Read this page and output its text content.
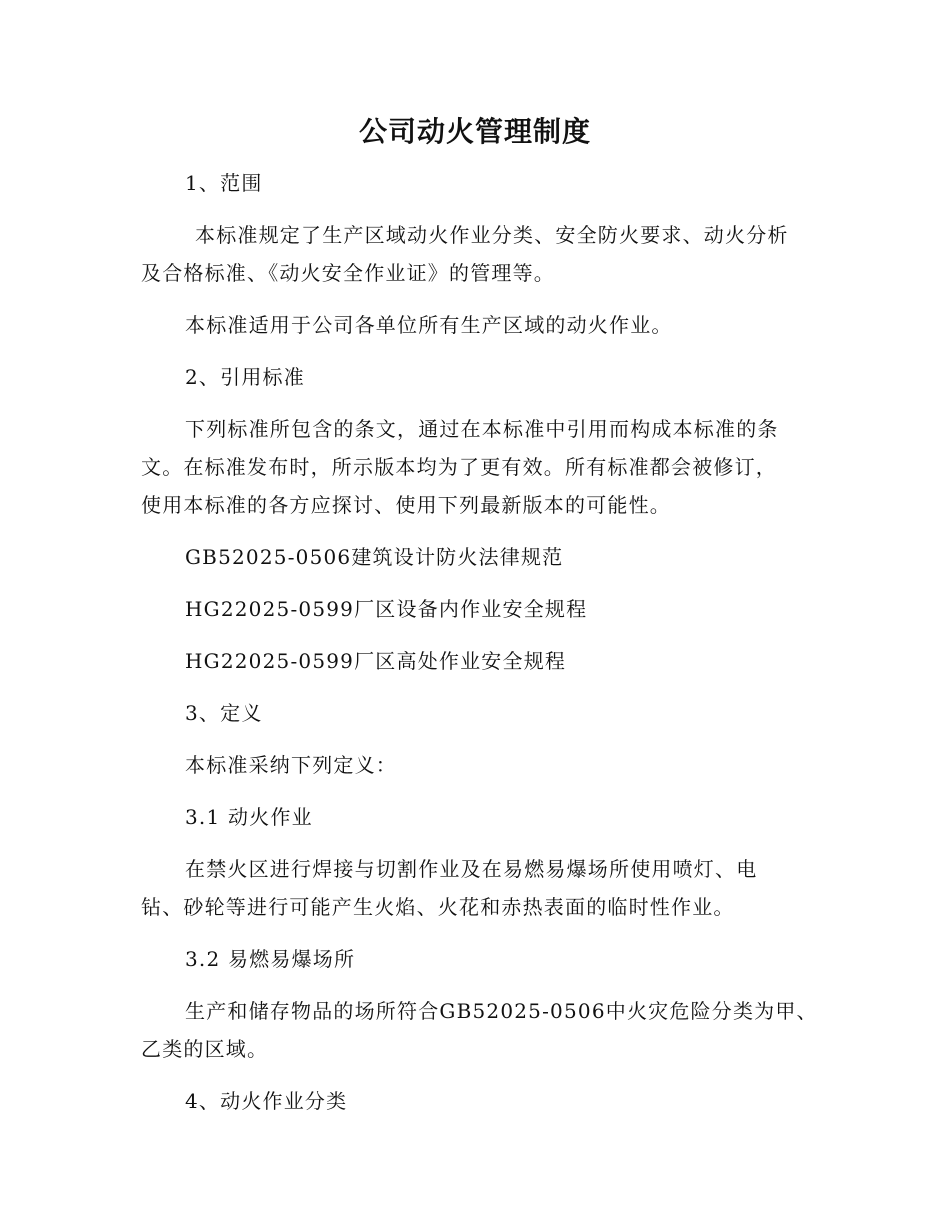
公司动火管理制度
1、范围
本标准规定了生产区域动火作业分类、安全防火要求、动火分析
及合格标准、《动火安全作业证》的管理等。
本标准适用于公司各单位所有生产区域的动火作业。
2、引用标准
下列标准所包含的条文，通过在本标准中引用而构成本标准的条
文。在标准发布时，所示版本均为了更有效。所有标准都会被修订，
使用本标准的各方应探讨、使用下列最新版本的可能性。
GB52025-0506建筑设计防火法律规范
HG22025-0599厂区设备内作业安全规程
HG22025-0599厂区高处作业安全规程
3、定义
本标准采纳下列定义：
3.1 动火作业
在禁火区进行焊接与切割作业及在易燃易爆场所使用喷灯、电
钻、砂轮等进行可能产生火焰、火花和赤热表面的临时性作业。
3.2 易燃易爆场所
生产和储存物品的场所符合GB52025-0506中火灾危险分类为甲、
乙类的区域。
4、动火作业分类
